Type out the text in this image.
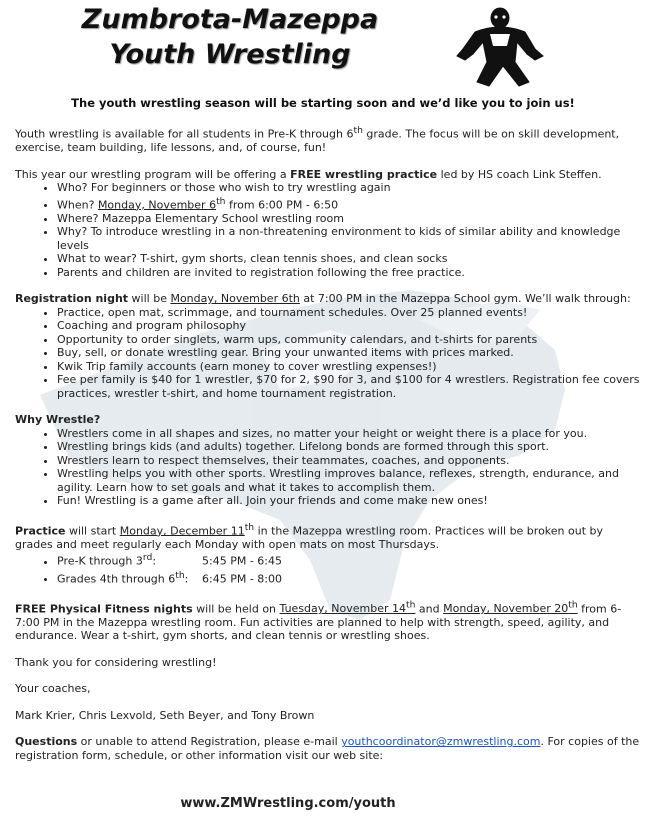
Zumbrota-Mazeppa
Youth Wrestling
The youth wrestling season will be starting soon and we’d like you to join us!

Youth wrestling is available for all students in Pre-K through 6th grade. The focus will be on skill development, exercise, team building, life lessons, and, of course, fun!

This year our wrestling program will be offering a FREE wrestling practice led by HS coach Link Steffen.
• Who? For beginners or those who wish to try wrestling again
• When? Monday, November 6th from 6:00 PM - 6:50
• Where? Mazeppa Elementary School wrestling room
• Why? To introduce wrestling in a non-threatening environment to kids of similar ability and knowledge levels
• What to wear? T-shirt, gym shorts, clean tennis shoes, and clean socks
• Parents and children are invited to registration following the free practice.
Registration night will be Monday, November 6th at 7:00 PM in the Mazeppa School gym. We’ll walk through:
• Practice, open mat, scrimmage, and tournament schedules. Over 25 planned events!
• Coaching and program philosophy
• Opportunity to order singlets, warm ups, community calendars, and t-shirts for parents
• Buy, sell, or donate wrestling gear. Bring your unwanted items with prices marked.
• Kwik Trip family accounts (earn money to cover wrestling expenses!)
• Fee per family is $40 for 1 wrestler, $70 for 2, $90 for 3, and $100 for 4 wrestlers. Registration fee covers practices, wrestler t-shirt, and home tournament registration.
Why Wrestle?
• Wrestlers come in all shapes and sizes, no matter your height or weight there is a place for you.
• Wrestling brings kids (and adults) together. Lifelong bonds are formed through this sport.
• Wrestlers learn to respect themselves, their teammates, coaches, and opponents.
• Wrestling helps you with other sports. Wrestling improves balance, reflexes, strength, endurance, and agility. Learn how to set goals and what it takes to accomplish them.
• Fun! Wrestling is a game after all. Join your friends and come make new ones!
Practice will start Monday, December 11th in the Mazeppa wrestling room. Practices will be broken out by grades and meet regularly each Monday with open mats on most Thursdays.
• Pre-K through 3rd:	5:45 PM - 6:45
• Grades 4th through 6th: 6:45 PM - 8:00

FREE Physical Fitness nights will be held on Tuesday, November 14th and Monday, November 20th from 6-7:00 PM in the Mazeppa wrestling room. Fun activities are planned to help with strength, speed, agility, and endurance. Wear a t-shirt, gym shorts, and clean tennis or wrestling shoes.

Thank you for considering wrestling!

Your coaches,

Mark Krier, Chris Lexvold, Seth Beyer, and Tony Brown

Questions or unable to attend Registration, please e-mail youthcoordinator@zmwrestling.com. For copies of the registration form, schedule, or other information visit our web site:

www.ZMWrestling.com/youth
